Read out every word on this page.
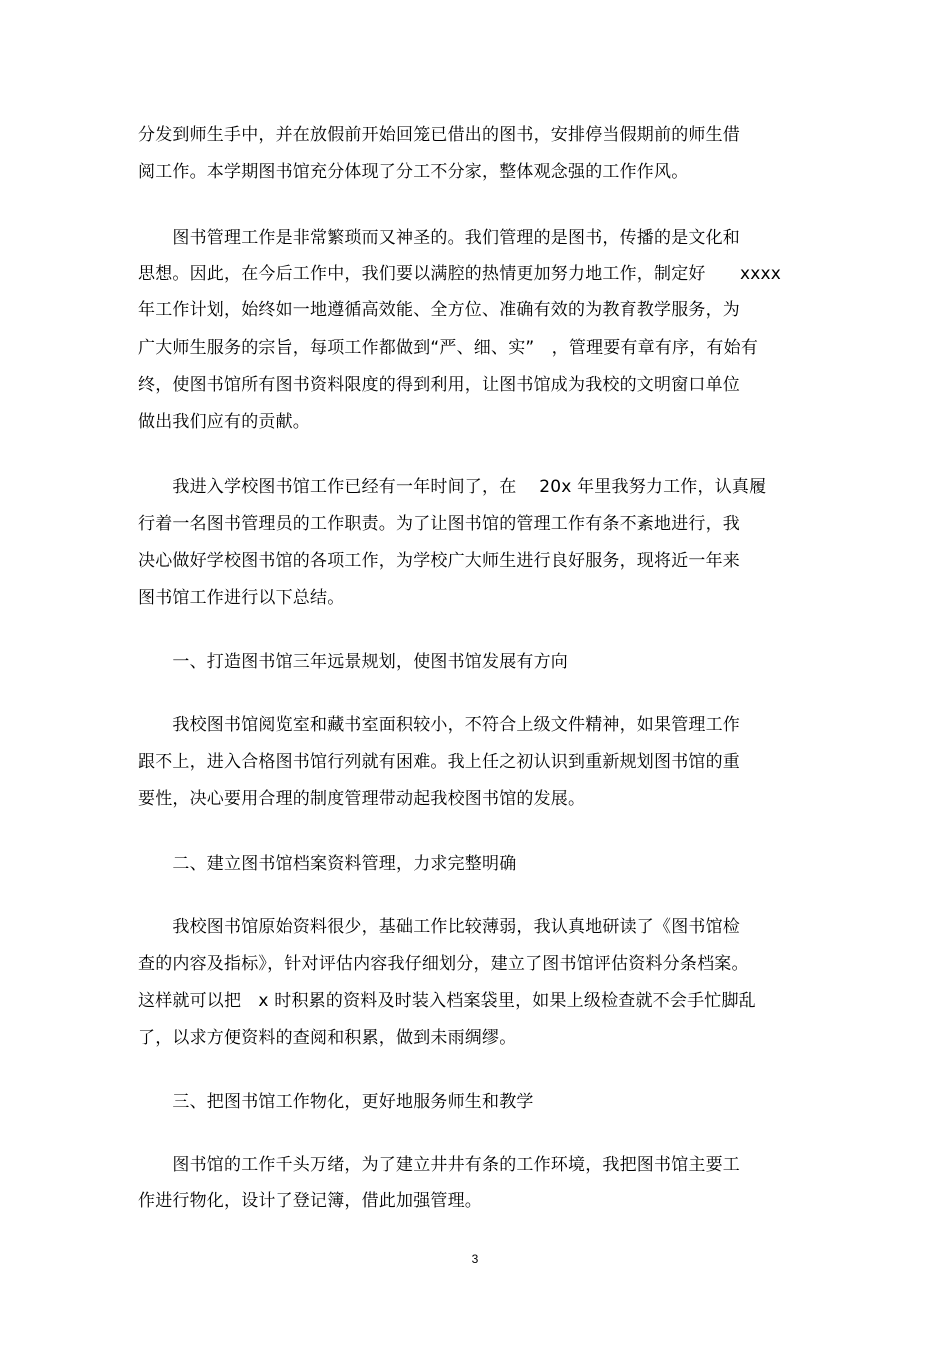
分发到师生手中，并在放假前开始回笼已借出的图书，安排停当假期前的师生借
阅工作。本学期图书馆充分体现了分工不分家，整体观念强的工作作风。
　　图书管理工作是非常繁琐而又神圣的。我们管理的是图书，传播的是文化和
思想。因此，在今后工作中，我们要以满腔的热情更加努力地工作，制定好　　xxxx
年工作计划，始终如一地遵循高效能、全方位、准确有效的为教育教学服务，为
广大师生服务的宗旨，每项工作都做到“严、细、实”　，管理要有章有序，有始有
终，使图书馆所有图书资料限度的得到利用，让图书馆成为我校的文明窗口单位
做出我们应有的贡献。
　　我进入学校图书馆工作已经有一年时间了，在　 20x 年里我努力工作，认真履
行着一名图书管理员的工作职责。为了让图书馆的管理工作有条不紊地进行，我
决心做好学校图书馆的各项工作，为学校广大师生进行良好服务，现将近一年来
图书馆工作进行以下总结。
　　一、打造图书馆三年远景规划，使图书馆发展有方向
　　我校图书馆阅览室和藏书室面积较小，不符合上级文件精神，如果管理工作
跟不上，进入合格图书馆行列就有困难。我上任之初认识到重新规划图书馆的重
要性，决心要用合理的制度管理带动起我校图书馆的发展。
　　二、建立图书馆档案资料管理，力求完整明确
　　我校图书馆原始资料很少，基础工作比较薄弱，我认真地研读了《图书馆检
查的内容及指标》，针对评估内容我仔细划分，建立了图书馆评估资料分条档案。
这样就可以把　x 时积累的资料及时装入档案袋里，如果上级检查就不会手忙脚乱
了，以求方便资料的查阅和积累，做到未雨绸缪。
　　三、把图书馆工作物化，更好地服务师生和教学
　　图书馆的工作千头万绪，为了建立井井有条的工作环境，我把图书馆主要工
作进行物化，设计了登记簿，借此加强管理。
3
